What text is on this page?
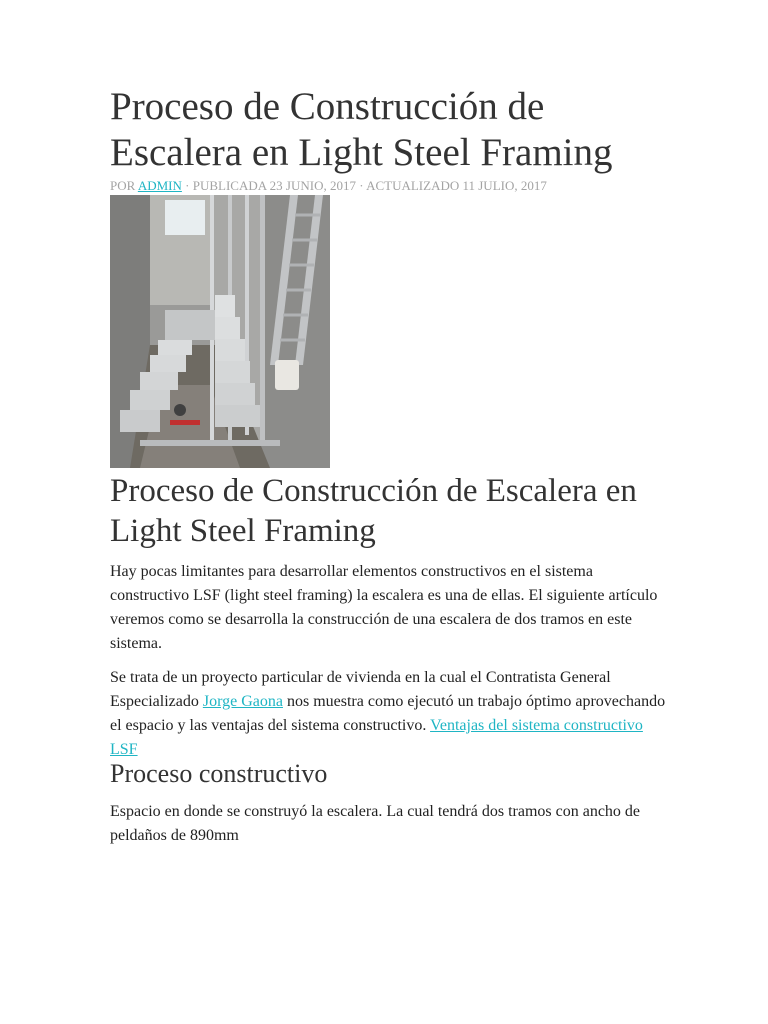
Proceso de Construcción de Escalera en Light Steel Framing
POR ADMIN · PUBLICADA 23 JUNIO, 2017 · ACTUALIZADO 11 JULIO, 2017
Proceso de Construcción de Escalera en Light Steel Framing

Hay pocas limitantes para desarrollar elementos constructivos en el sistema constructivo LSF (light steel framing) la escalera es una de ellas. El siguiente artículo veremos como se desarrolla la construcción de una escalera de dos tramos en este sistema.

Se trata de un proyecto particular de vivienda en la cual el Contratista General Especializado Jorge Gaona nos muestra como ejecutó un trabajo óptimo aprovechando el espacio y las ventajas del sistema constructivo. Ventajas del sistema constructivo LSF

Proceso constructivo

Espacio en donde se construyó la escalera. La cual tendrá dos tramos con ancho de peldaños de 890mm
